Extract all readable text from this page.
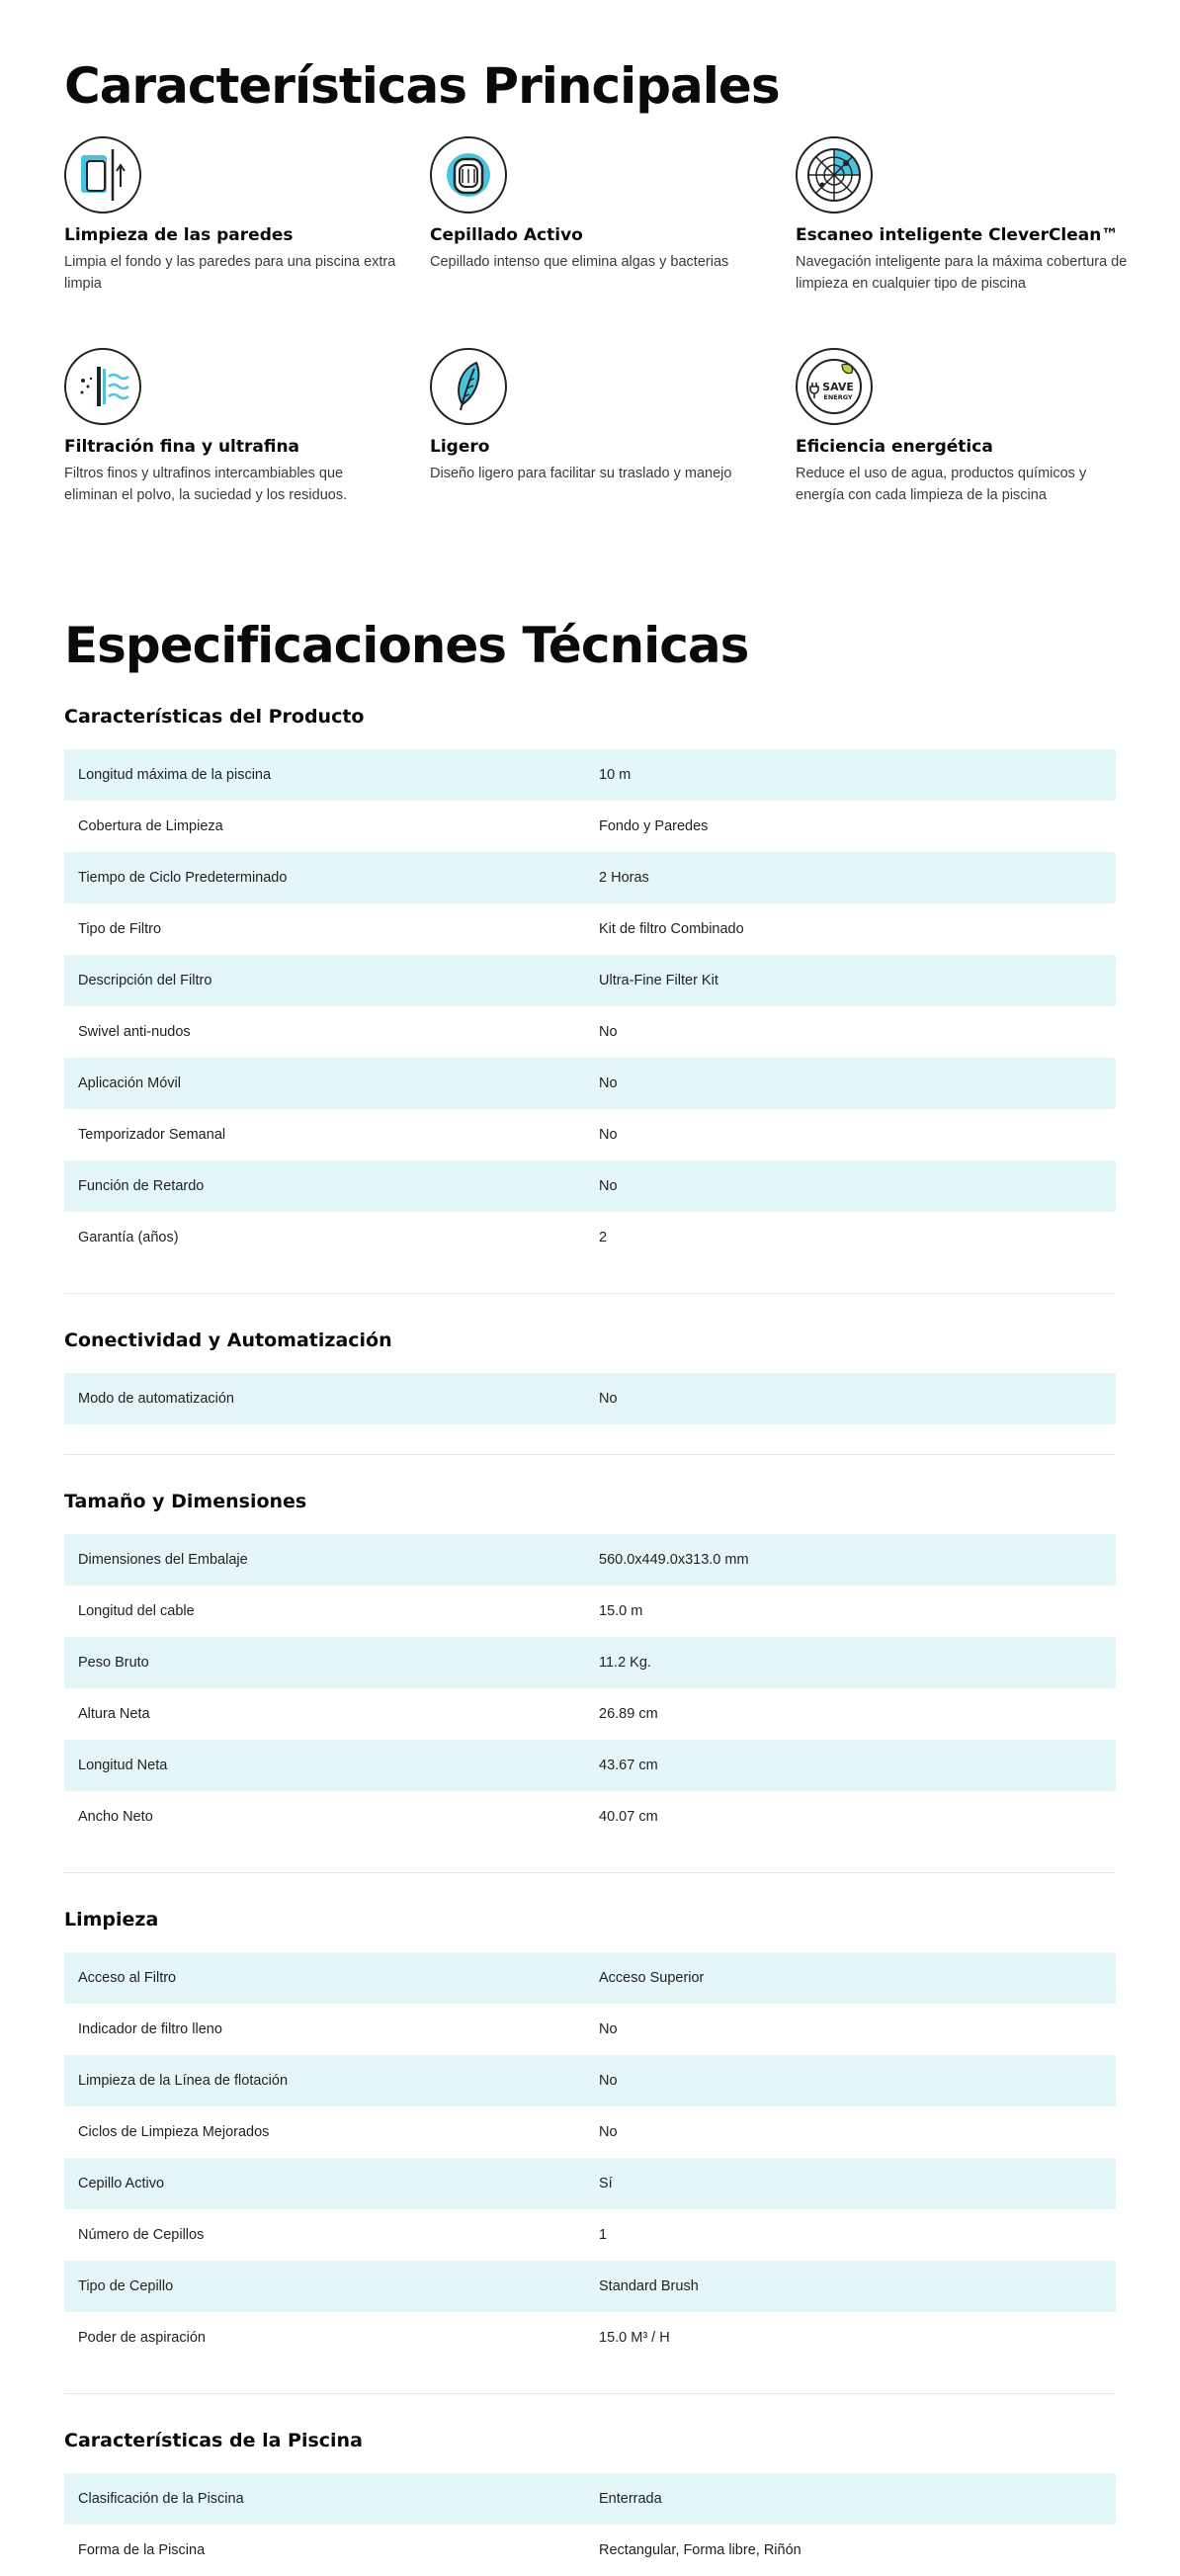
Características Principales
Limpieza de las paredes
Limpia el fondo y las paredes para una piscina extra limpia
Cepillado Activo
Cepillado intenso que elimina algas y bacterias
Escaneo inteligente CleverClean™
Navegación inteligente para la máxima cobertura de limpieza en cualquier tipo de piscina
Filtración fina y ultrafina
Filtros finos y ultrafinos intercambiables que eliminan el polvo, la suciedad y los residuos.
Ligero
Diseño ligero para facilitar su traslado y manejo
SAVE
ENERGY
Eficiencia energética
Reduce el uso de agua, productos químicos y energía con cada limpieza de la piscina
Especificaciones Técnicas
Características del Producto
Longitud máxima de la piscina	10 m
Cobertura de Limpieza	Fondo y Paredes
Tiempo de Ciclo Predeterminado	2 Horas
Tipo de Filtro	Kit de filtro Combinado
Descripción del Filtro	Ultra-Fine Filter Kit
Swivel anti-nudos	No
Aplicación Móvil	No
Temporizador Semanal	No
Función de Retardo	No
Garantía (años)	2
Conectividad y Automatización
Modo de automatización	No
Tamaño y Dimensiones
Dimensiones del Embalaje	560.0x449.0x313.0 mm
Longitud del cable	15.0 m
Peso Bruto	11.2 Kg.
Altura Neta	26.89 cm
Longitud Neta	43.67 cm
Ancho Neto	40.07 cm
Limpieza
Acceso al Filtro	Acceso Superior
Indicador de filtro lleno	No
Limpieza de la Línea de flotación	No
Ciclos de Limpieza Mejorados	No
Cepillo Activo	Sí
Número de Cepillos	1
Tipo de Cepillo	Standard Brush
Poder de aspiración	15.0 M³ / H
Características de la Piscina
Clasificación de la Piscina	Enterrada
Forma de la Piscina	Rectangular, Forma libre, Riñón
